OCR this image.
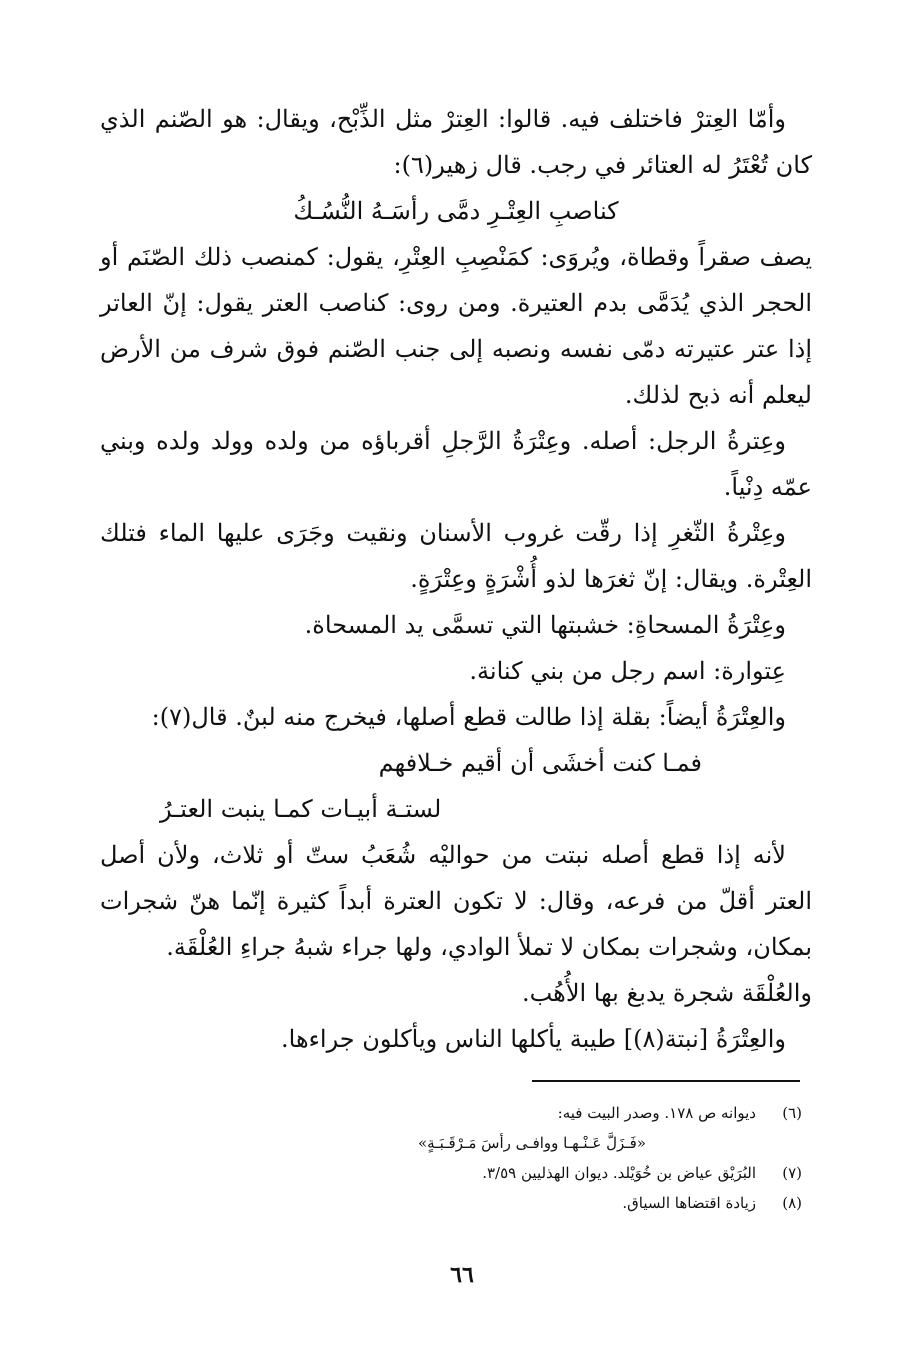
وأمّا العِترْ فاختلف فيه. قالوا: العِترْ مثل الذِّبْح، ويقال: هو الصّنم الذي كان تُعْتَرُ له العتائر في رجب. قال زهير(٦):

كناصبِ العِتْـرِ دمَّى رأسَـهُ النُّسُـكُ

يصف صقراً وقطاة، ويُروَى: كمَنْصِبِ العِتْرِ، يقول: كمنصب ذلك الصّنَم أو الحجر الذي يُدَمَّى بدم العتيرة. ومن روى: كناصب العتر يقول: إنّ العاتر إذا عتر عتيرته دمّى نفسه ونصبه إلى جنب الصّنم فوق شرف من الأرض ليعلم أنه ذبح لذلك.

وعِترةُ الرجل: أصله. وعِتْرَةُ الرَّجلِ أقرباؤه من ولده وولد ولده وبني عمّه دِنْياً.

وعِتْرةُ الثّغرِ إذا رقّت غروب الأسنان ونقيت وجَرَى عليها الماء فتلك العِتْرة. ويقال: إنّ ثغرَها لذو أُشْرَةٍ وعِتْرَةٍ.

وعِتْرَةُ المسحاةِ: خشبتها التي تسمَّى يد المسحاة.

عِتوارة: اسم رجل من بني كنانة.

والعِتْرَةُ أيضاً: بقلة إذا طالت قطع أصلها، فيخرج منه لبنٌ. قال(٧):

فمـا كنت أخشَى أن أقيم خـلافهم

لستـة أبيـات كمـا ينبت العتـرُ

لأنه إذا قطع أصله نبتت من حواليْه شُعَبُ ستّ أو ثلاث، ولأن أصل العتر أقلّ من فرعه، وقال: لا تكون العترة أبداً كثيرة إنّما هنّ شجرات بمكان، وشجرات بمكان لا تملأ الوادي، ولها جراء شبهُ جراءِ العُلْقَة.

والعُلْقَة شجرة يدبغ بها الأُهُب.

والعِتْرَةُ [نبتة(٨)] طيبة يأكلها الناس ويأكلون جراءها.

(٦)
ديوانه ص ١٧٨. وصدر البيت فيه:
«فَـزَلَّ عَـنْـهـا ووافـى رأسَ مَـرْقَـبَـةٍ»
(٧)
البُرَيْق عياض بن خُوَيْلد. ديوان الهذليين ٣/٥٩.
(٨)
زيادة اقتضاها السياق.
٦٦
